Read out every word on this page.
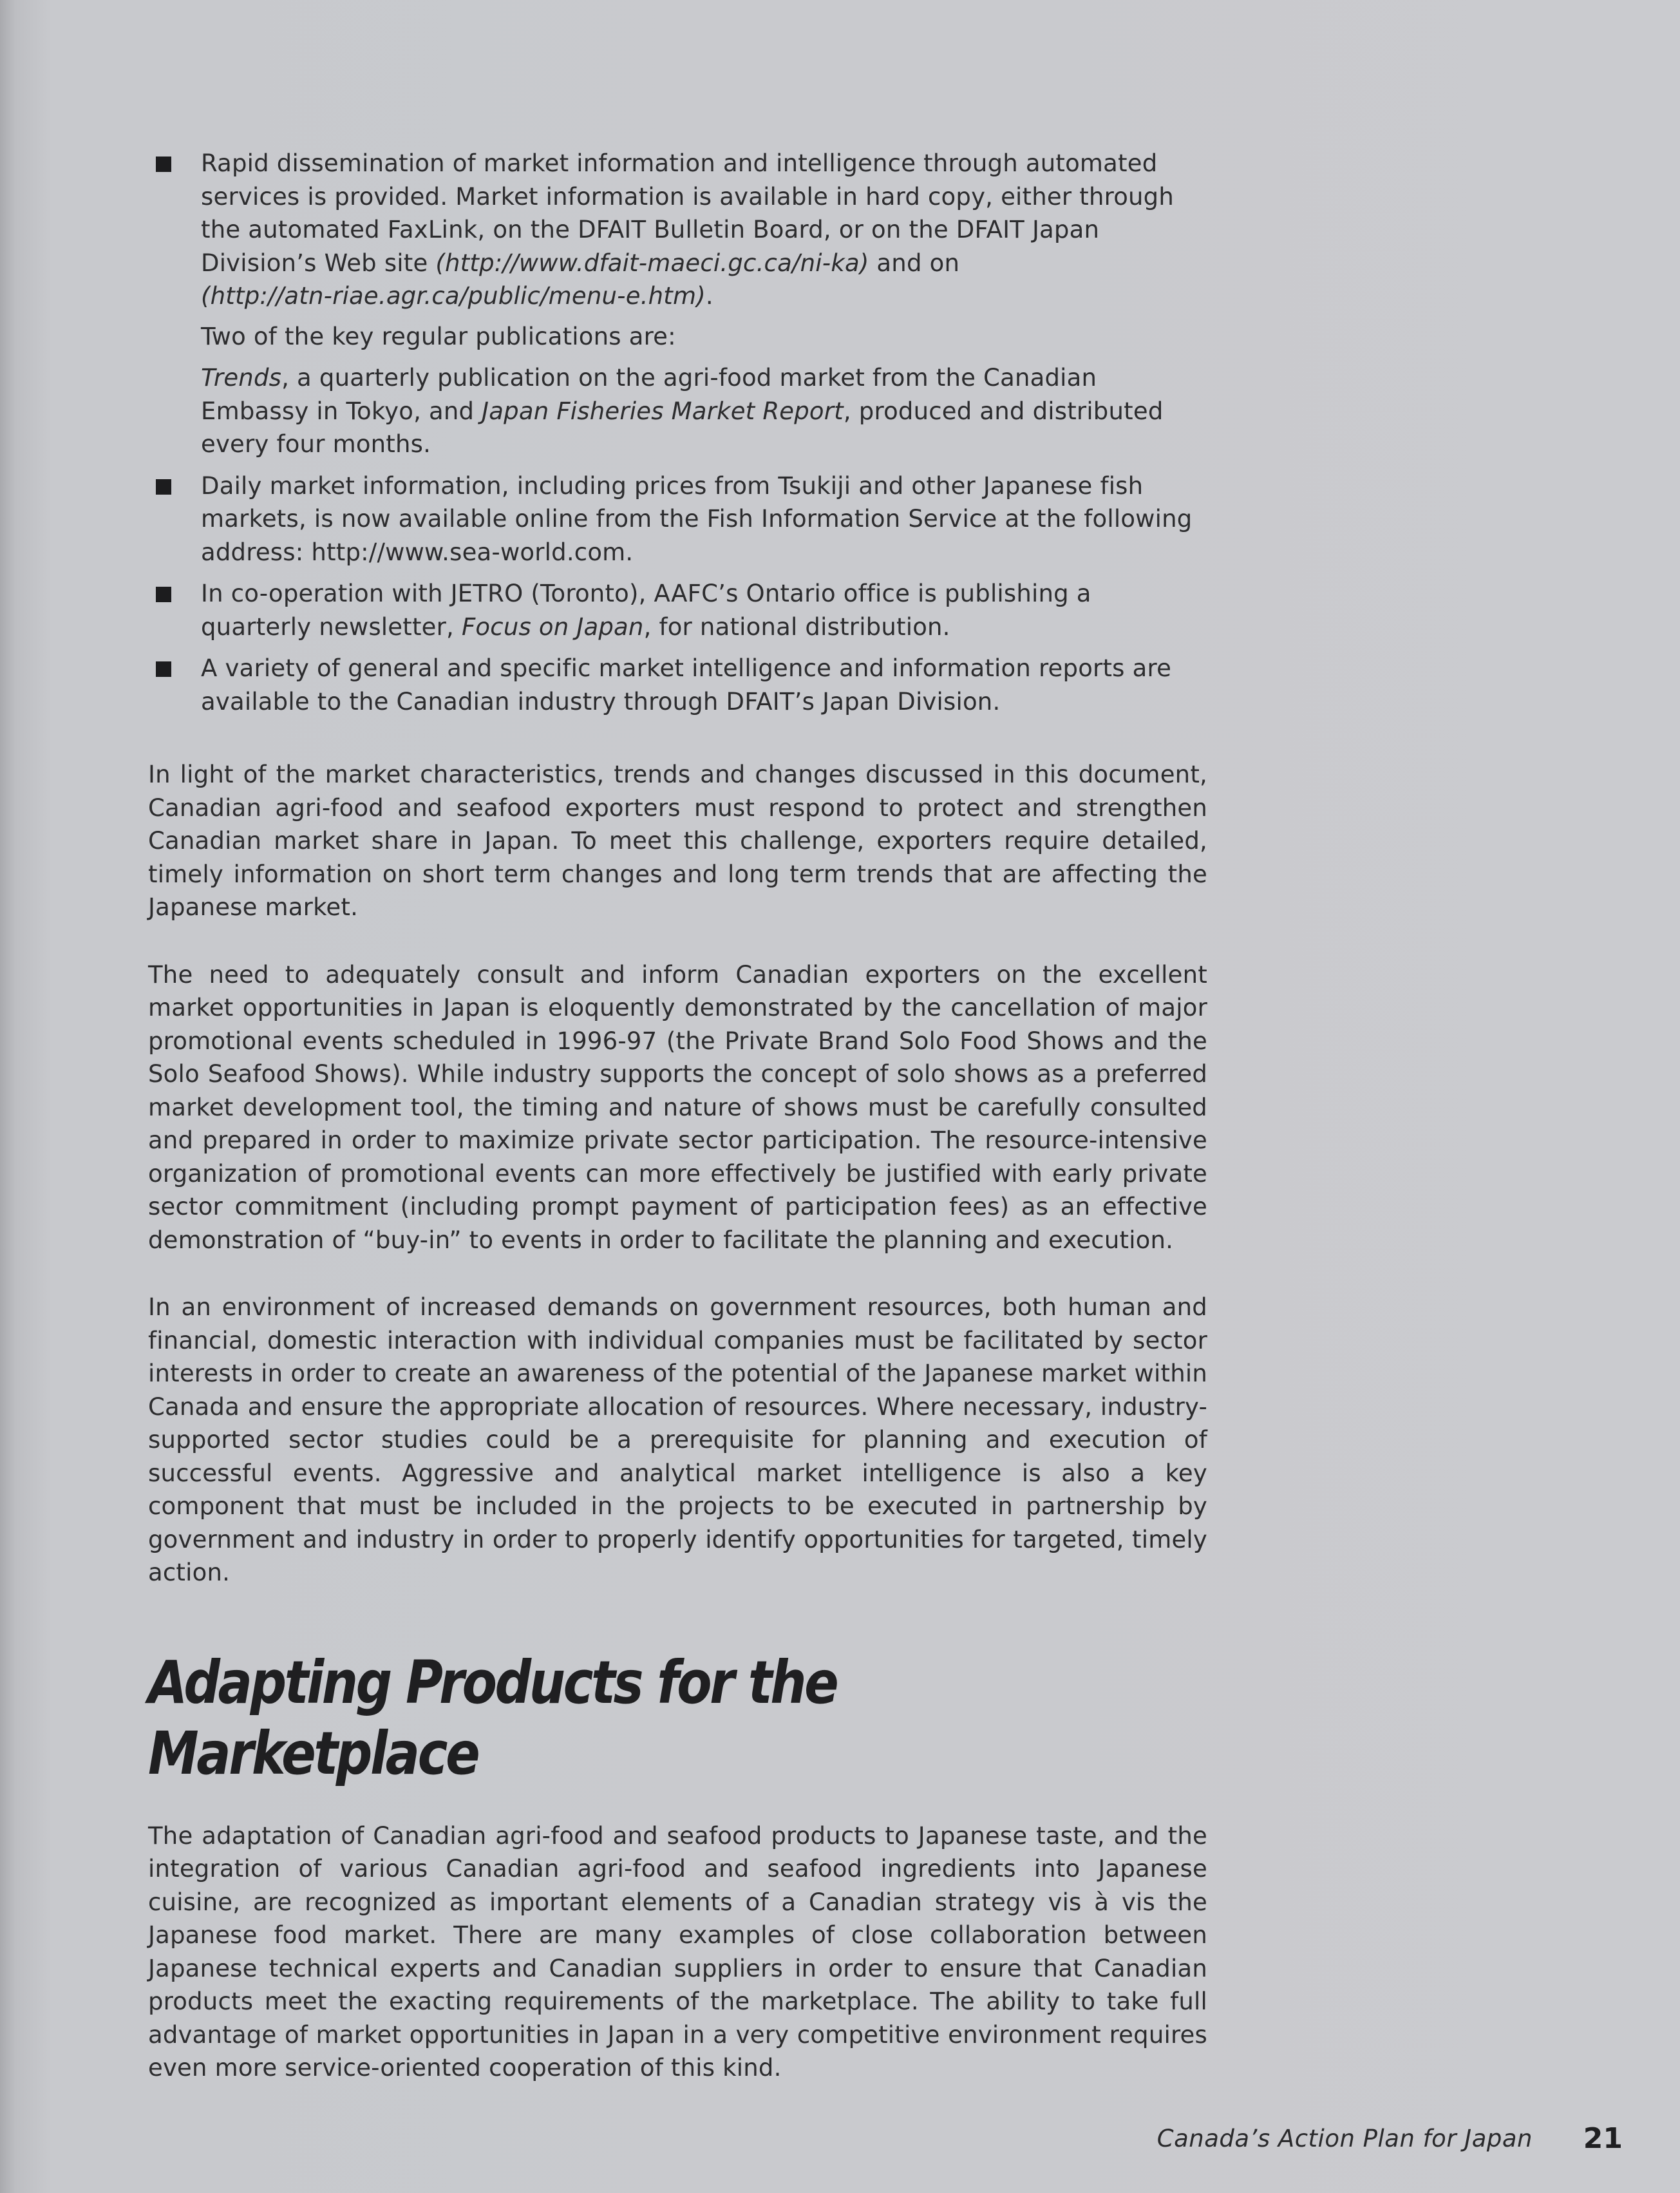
Rapid dissemination of market information and intelligence through automated
services is provided. Market information is available in hard copy, either through
the automated FaxLink, on the DFAIT Bulletin Board, or on the DFAIT Japan
Division’s Web site (http://www.dfait-maeci.gc.ca/ni-ka) and on
(http://atn-riae.agr.ca/public/menu-e.htm).
Two of the key regular publications are:
Trends, a quarterly publication on the agri-food market from the Canadian Embassy in Tokyo, and Japan Fisheries Market Report, produced and distributed every four months.
Daily market information, including prices from Tsukiji and other Japanese fish markets, is now available online from the Fish Information Service at the following address: http://www.sea-world.com.
In co-operation with JETRO (Toronto), AAFC’s Ontario office is publishing a quarterly newsletter, Focus on Japan, for national distribution.
A variety of general and specific market intelligence and information reports are available to the Canadian industry through DFAIT’s Japan Division.

In light of the market characteristics, trends and changes discussed in this document, Canadian agri-food and seafood exporters must respond to protect and strengthen Canadian market share in Japan. To meet this challenge, exporters require detailed, timely information on short term changes and long term trends that are affecting the Japanese market.

The need to adequately consult and inform Canadian exporters on the excellent market opportunities in Japan is eloquently demonstrated by the cancellation of major promotional events scheduled in 1996-97 (the Private Brand Solo Food Shows and the Solo Seafood Shows). While industry supports the concept of solo shows as a preferred market development tool, the timing and nature of shows must be carefully consulted and prepared in order to maximize private sector participation. The resource-intensive organization of promotional events can more effectively be justified with early private sector commitment (including prompt payment of participation fees) as an effective demonstration of “buy-in” to events in order to facilitate the planning and execution.

In an environment of increased demands on government resources, both human and financial, domestic interaction with individual companies must be facilitated by sector interests in order to create an awareness of the potential of the Japanese market within Canada and ensure the appropriate allocation of resources. Where necessary, industry-supported sector studies could be a prerequisite for planning and execution of successful events. Aggressive and analytical market intelligence is also a key component that must be included in the projects to be executed in partnership by government and industry in order to properly identify opportunities for targeted, timely action.

Adapting Products for the Marketplace

The adaptation of Canadian agri-food and seafood products to Japanese taste, and the integration of various Canadian agri-food and seafood ingredients into Japanese cuisine, are recognized as important elements of a Canadian strategy vis à vis the Japanese food market. There are many examples of close collaboration between Japanese technical experts and Canadian suppliers in order to ensure that Canadian products meet the exacting requirements of the marketplace. The ability to take full advantage of market opportunities in Japan in a very competitive environment requires even more service-oriented cooperation of this kind.

Canada’s Action Plan for Japan 21
